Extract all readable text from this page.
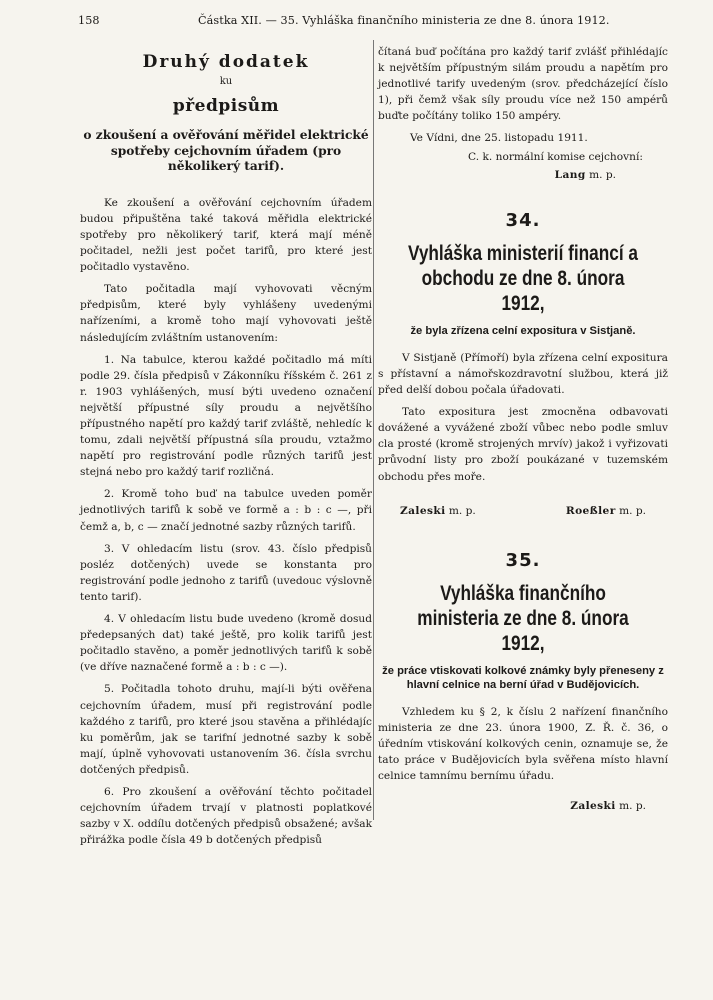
158	Částka XII. — 35. Vyhláška finančního ministeria ze dne 8. února 1912.
Druhý dodatek
ku
předpisům
o zkoušení a ověřování měřidel elektrické spotřeby cejchovním úřadem (pro několikerý tarif).

Ke zkoušení a ověřování cejchovním úřadem budou připuštěna také taková měřidla elektrické spotřeby pro několikerý tarif, která mají méně počitadel, nežli jest počet tarifů, pro které jest počitadlo vystavěno.

Tato počitadla mají vyhovovati věcným předpisům, které byly vyhlášeny uvedenými nařízeními, a kromě toho mají vyhovovati ještě následujícím zvláštním ustanovením:

1. Na tabulce, kterou každé počitadlo má míti podle 29. čísla předpisů v Zákonníku říšském č. 261 z r. 1903 vyhlášených, musí býti uvedeno označení největší přípustné síly proudu a největšího přípustného napětí pro každý tarif zvláště, nehledíc k tomu, zdali největší přípustná síla proudu, vztažmo napětí pro registrování podle různých tarifů jest stejná nebo pro každý tarif rozličná.

2. Kromě toho buď na tabulce uveden poměr jednotlivých tarifů k sobě ve formě a : b : c —, při čemž a, b, c — značí jednotné sazby různých tarifů.

3. V ohledacím listu (srov. 43. číslo předpisů posléz dotčených) uvede se konstanta pro registrování podle jednoho z tarifů (uvedouc výslovně tento tarif).

4. V ohledacím listu bude uvedeno (kromě dosud předepsaných dat) také ještě, pro kolik tarifů jest počitadlo stavěno, a poměr jednotlivých tarifů k sobě (ve dříve naznačené formě a : b : c —).

5. Počitadla tohoto druhu, mají-li býti ověřena cejchovním úřadem, musí při registrování podle každého z tarifů, pro které jsou stavěna a přihlédajíc ku poměrům, jak se tarifní jednotné sazby k sobě mají, úplně vyhovovati ustanovením 36. čísla svrchu dotčených předpisů.

6. Pro zkoušení a ověřování těchto počitadel cejchovním úřadem trvají v platnosti poplatkové sazby v X. oddílu dotčených předpisů obsažené; avšak přirážka podle čísla 49 b dotčených předpisů

čítaná buď počítána pro každý tarif zvlášť přihlédajíc k největším přípustným silám proudu a napětím pro jednotlivé tarify uvedeným (srov. předcházející číslo 1), při čemž však síly proudu více než 150 ampérů buďte počítány toliko 150 ampéry.

Ve Vídni, dne 25. listopadu 1911.

C. k. normální komise cejchovní:

Lang m. p.
34.
Vyhláška ministerií financí a obchodu ze dne 8. února 1912,
že byla zřízena celní expositura v Sistjaně.

V Sistjaně (Přímoří) byla zřízena celní expositura s přístavní a námořskozdravotní službou, která již před delší dobou počala úřadovati.

Tato expositura jest zmocněna odbavovati dovážené a vyvážené zboží vůbec nebo podle smluv cla prosté (kromě strojených mrvív) jakož i vyřizovati průvodní listy pro zboží poukázané v tuzemském obchodu přes moře.

Zaleski m. p.	Roeßler m. p.
35.
Vyhláška finančního ministeria ze dne 8. února 1912,
že práce vtiskovati kolkové známky byly přeneseny z hlavní celnice na berní úřad v Budějovicích.

Vzhledem ku § 2, k číslu 2 nařízení finančního ministeria ze dne 23. února 1900, Z. Ř. č. 36, o úředním vtiskování kolkových cenin, oznamuje se, že tato práce v Budějovicích byla svěřena místo hlavní celnice tamnímu bernímu úřadu.

Zaleski m. p.
